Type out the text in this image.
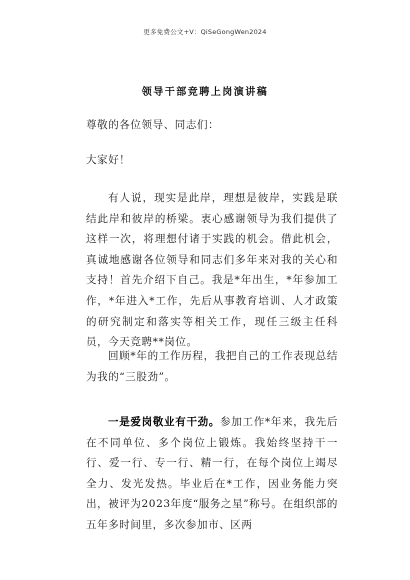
更多免费公文+V：QiSeGongWen2024
领导干部竞聘上岗演讲稿
尊敬的各位领导、同志们：
大家好！
有人说，现实是此岸，理想是彼岸，实践是联结此岸和彼岸的桥梁。衷心感谢领导为我们提供了这样一次，将理想付诸于实践的机会。借此机会，真诚地感谢各位领导和同志们多年来对我的关心和支持！首先介绍下自己。我是*年出生，*年参加工作，*年进入*工作，先后从事教育培训、人才政策的研究制定和落实等相关工作，现任三级主任科员，今天竞聘**岗位。
回顾*年的工作历程，我把自己的工作表现总结为我的“三股劲”。
一是爱岗敬业有干劲。参加工作*年来，我先后在不同单位、多个岗位上锻炼。我始终坚持干一行、爱一行、专一行、精一行，在每个岗位上竭尽全力、发光发热。毕业后在*工作，因业务能力突出，被评为2023年度“服务之星”称号。在组织部的五年多时间里，多次参加市、区两
